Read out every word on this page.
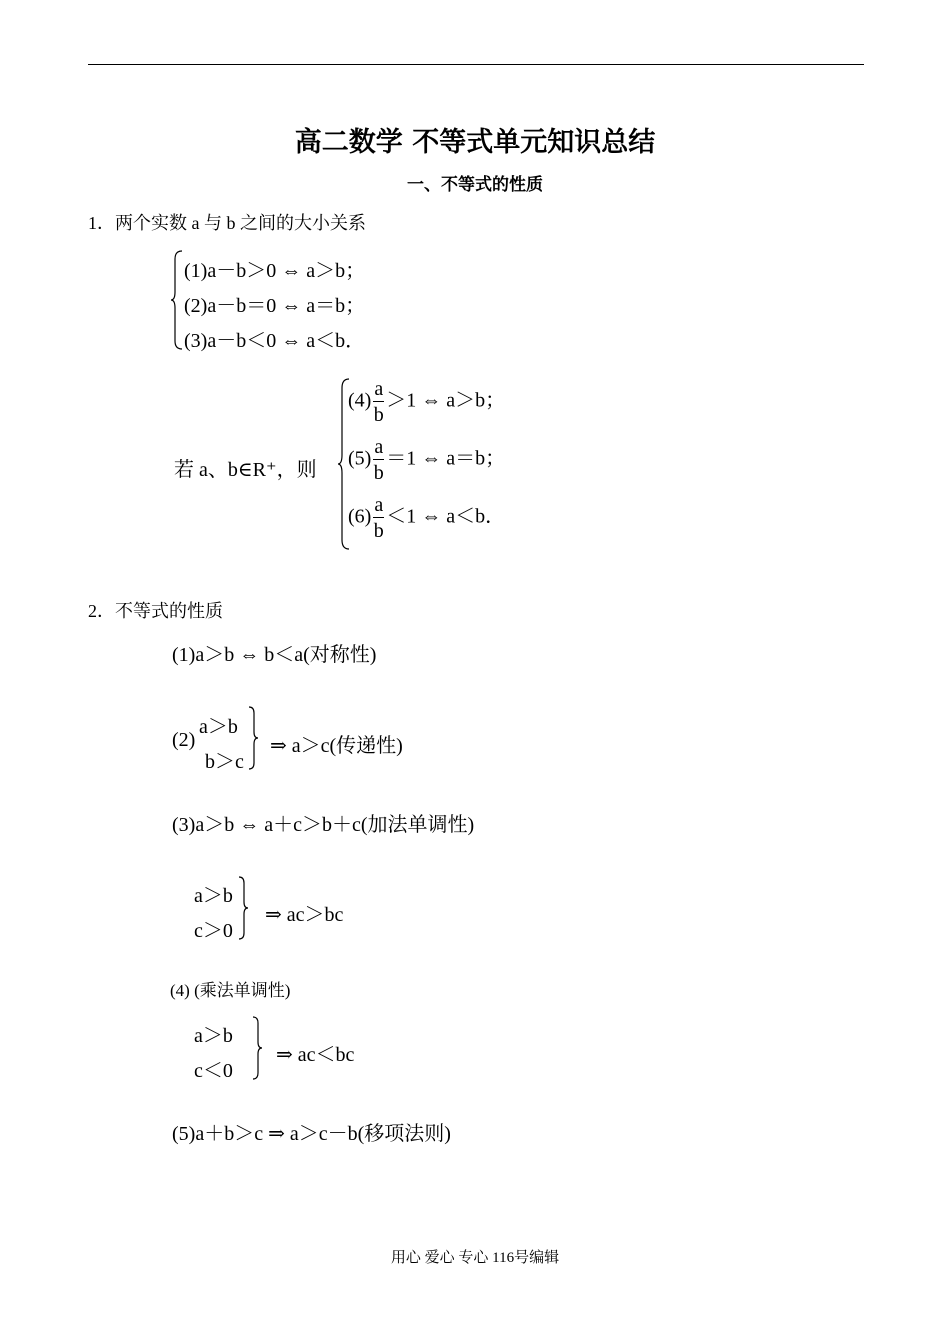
高二数学 不等式单元知识总结
一、不等式的性质
1．两个实数 a 与 b 之间的大小关系
(1)a－b＞0 ⇔ a＞b；
(2)a－b＝0 ⇔ a＝b；
(3)a－b＜0 ⇔ a＜b．
若 a、b∈R⁺，则
$(4) \frac{a}{b} >1$ ⇔ a＞b；
$(5) \frac{a}{b} =1$ ⇔ a＝b；
$(6) \frac{a}{b} <1$ ⇔ a＜b．
2．不等式的性质
(1)a＞b ⇔ b＜a(对称性)
(2)
a＞b
b＞c
⇒ a＞c(传递性)
(3)a＞b ⇔ a＋c＞b＋c(加法单调性)
a＞b
c＞0
⇒ ac＞bc
(4) (乘法单调性)
a＞b
c＜0
⇒ ac＜bc
(5)a＋b＞c ⇒ a＞c－b(移项法则)
用心 爱心 专心 116号编辑
